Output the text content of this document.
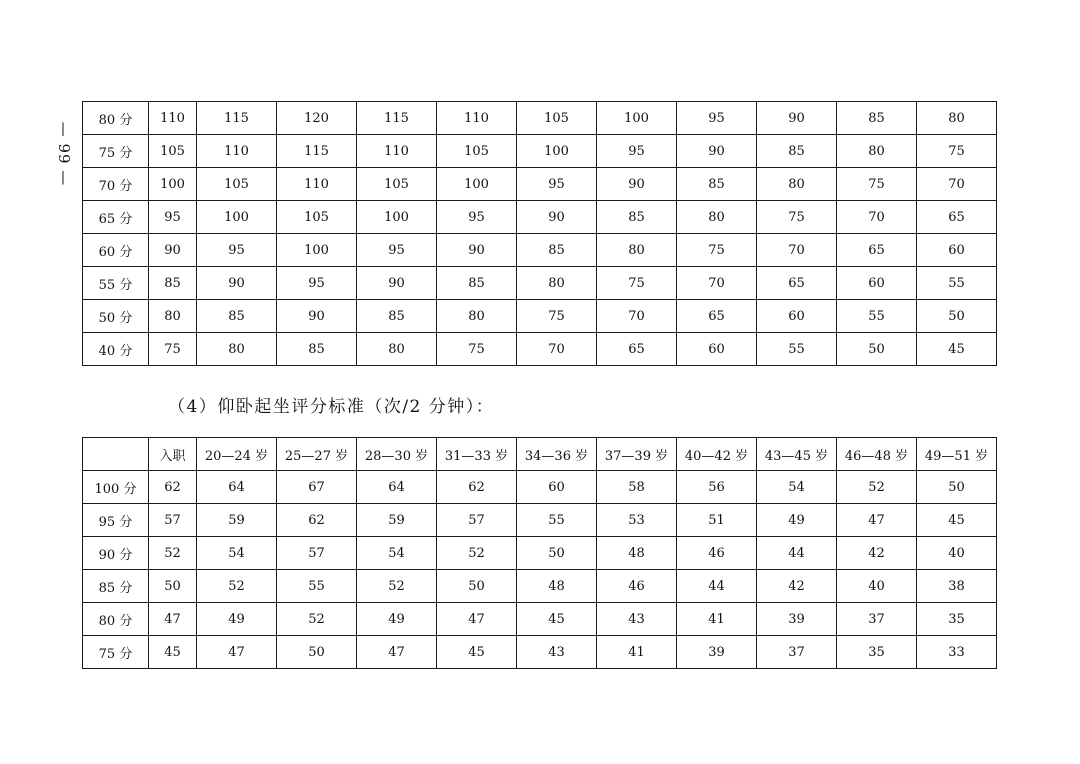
— 99 —
80 分	110	115	120	115	110	105	100	95	90	85	80
75 分	105	110	115	110	105	100	95	90	85	80	75
70 分	100	105	110	105	100	95	90	85	80	75	70
65 分	95	100	105	100	95	90	85	80	75	70	65
60 分	90	95	100	95	90	85	80	75	70	65	60
55 分	85	90	95	90	85	80	75	70	65	60	55
50 分	80	85	90	85	80	75	70	65	60	55	50
40 分	75	80	85	80	75	70	65	60	55	50	45
（4）仰卧起坐评分标准（次/2 分钟）：
	入职	20—24 岁	25—27 岁	28—30 岁	31—33 岁	34—36 岁	37—39 岁	40—42 岁	43—45 岁	46—48 岁	49—51 岁
100 分	62	64	67	64	62	60	58	56	54	52	50
95 分	57	59	62	59	57	55	53	51	49	47	45
90 分	52	54	57	54	52	50	48	46	44	42	40
85 分	50	52	55	52	50	48	46	44	42	40	38
80 分	47	49	52	49	47	45	43	41	39	37	35
75 分	45	47	50	47	45	43	41	39	37	35	33
